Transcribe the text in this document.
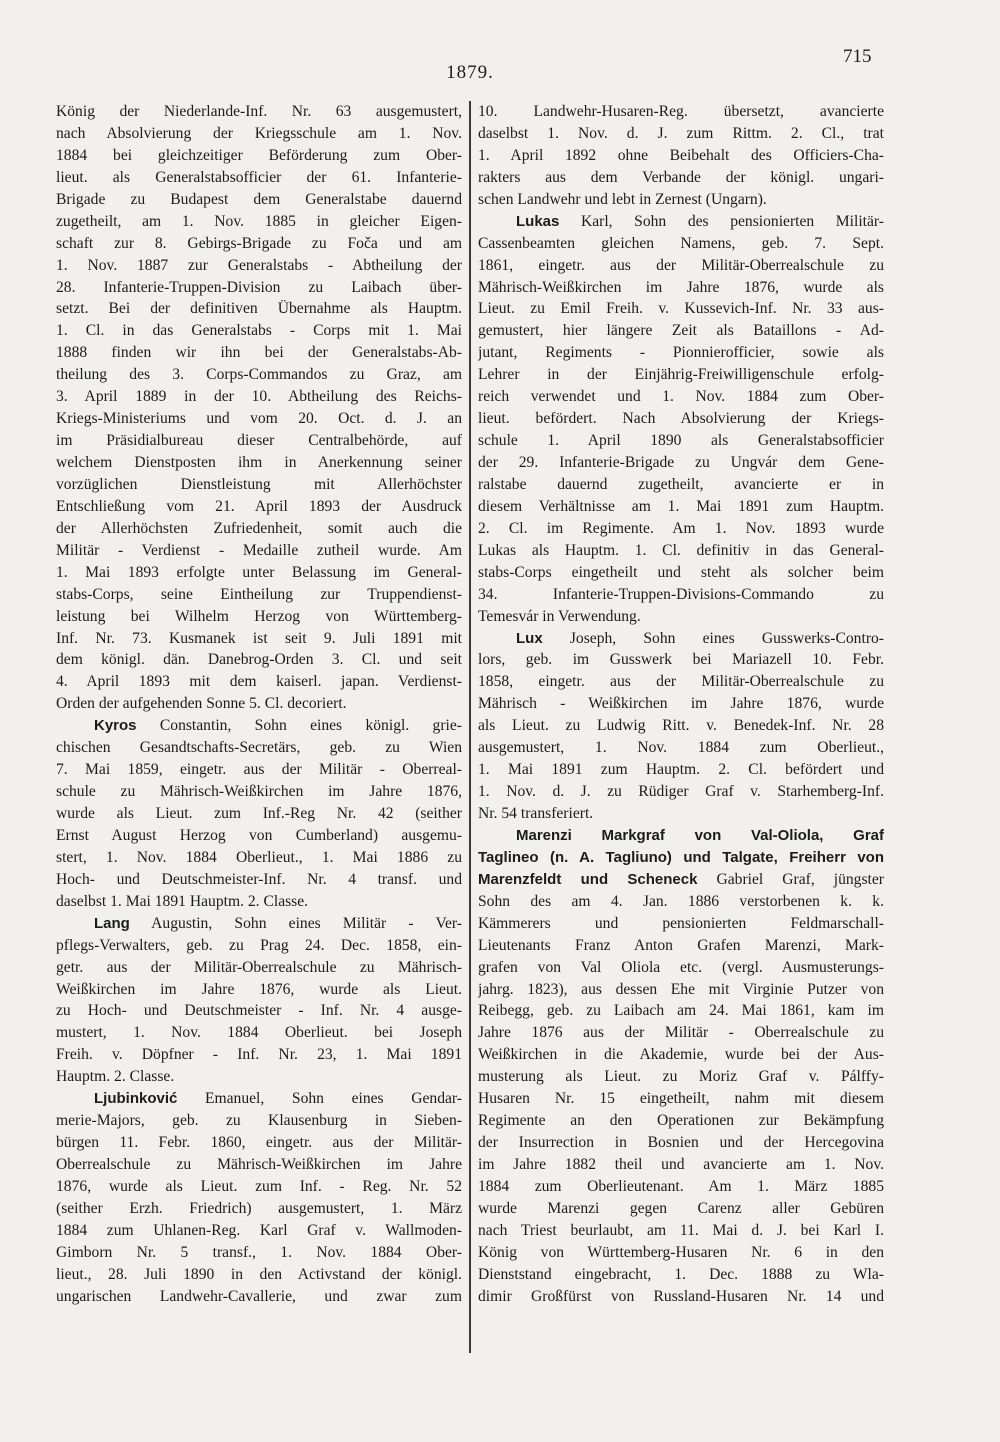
1879.
715
König der Niederlande-Inf. Nr. 63 ausgemustert,
nach Absolvierung der Kriegsschule am 1. Nov.
1884 bei gleichzeitiger Beförderung zum Ober-
lieut. als Generalstabsofficier der 61. Infanterie-
Brigade zu Budapest dem Generalstabe dauernd
zugetheilt, am 1. Nov. 1885 in gleicher Eigen-
schaft zur 8. Gebirgs-Brigade zu Foča und am
1. Nov. 1887 zur Generalstabs - Abtheilung der
28. Infanterie-Truppen-Division zu Laibach über-
setzt. Bei der definitiven Übernahme als Hauptm.
1. Cl. in das Generalstabs - Corps mit 1. Mai
1888 finden wir ihn bei der Generalstabs-Ab-
theilung des 3. Corps-Commandos zu Graz, am
3. April 1889 in der 10. Abtheilung des Reichs-
Kriegs-Ministeriums und vom 20. Oct. d. J. an
im Präsidialbureau dieser Centralbehörde, auf
welchem Dienstposten ihm in Anerkennung seiner
vorzüglichen Dienstleistung mit Allerhöchster
Entschließung vom 21. April 1893 der Ausdruck
der Allerhöchsten Zufriedenheit, somit auch die
Militär - Verdienst - Medaille zutheil wurde. Am
1. Mai 1893 erfolgte unter Belassung im General-
stabs-Corps, seine Eintheilung zur Truppendienst-
leistung bei Wilhelm Herzog von Württemberg-
Inf. Nr. 73. Kusmanek ist seit 9. Juli 1891 mit
dem königl. dän. Danebrog-Orden 3. Cl. und seit
4. April 1893 mit dem kaiserl. japan. Verdienst-
Orden der aufgehenden Sonne 5. Cl. decoriert.
Kyros Constantin, Sohn eines königl. grie-
chischen Gesandtschafts-Secretärs, geb. zu Wien
7. Mai 1859, eingetr. aus der Militär - Oberreal-
schule zu Mährisch-Weißkirchen im Jahre 1876,
wurde als Lieut. zum Inf.-Reg Nr. 42 (seither
Ernst August Herzog von Cumberland) ausgemu-
stert, 1. Nov. 1884 Oberlieut., 1. Mai 1886 zu
Hoch- und Deutschmeister-Inf. Nr. 4 transf. und
daselbst 1. Mai 1891 Hauptm. 2. Classe.
Lang Augustin, Sohn eines Militär - Ver-
pflegs-Verwalters, geb. zu Prag 24. Dec. 1858, ein-
getr. aus der Militär-Oberrealschule zu Mährisch-
Weißkirchen im Jahre 1876, wurde als Lieut.
zu Hoch- und Deutschmeister - Inf. Nr. 4 ausge-
mustert, 1. Nov. 1884 Oberlieut. bei Joseph
Freih. v. Döpfner - Inf. Nr. 23, 1. Mai 1891
Hauptm. 2. Classe.
Ljubinković Emanuel, Sohn eines Gendar-
merie-Majors, geb. zu Klausenburg in Sieben-
bürgen 11. Febr. 1860, eingetr. aus der Militär-
Oberrealschule zu Mährisch-Weißkirchen im Jahre
1876, wurde als Lieut. zum Inf. - Reg. Nr. 52
(seither Erzh. Friedrich) ausgemustert, 1. März
1884 zum Uhlanen-Reg. Karl Graf v. Wallmoden-
Gimborn Nr. 5 transf., 1. Nov. 1884 Ober-
lieut., 28. Juli 1890 in den Activstand der königl.
ungarischen Landwehr-Cavallerie, und zwar zum
10. Landwehr-Husaren-Reg. übersetzt, avancierte
daselbst 1. Nov. d. J. zum Rittm. 2. Cl., trat
1. April 1892 ohne Beibehalt des Officiers-Cha-
rakters aus dem Verbande der königl. ungari-
schen Landwehr und lebt in Zernest (Ungarn).
Lukas Karl, Sohn des pensionierten Militär-
Cassenbeamten gleichen Namens, geb. 7. Sept.
1861, eingetr. aus der Militär-Oberrealschule zu
Mährisch-Weißkirchen im Jahre 1876, wurde als
Lieut. zu Emil Freih. v. Kussevich-Inf. Nr. 33 aus-
gemustert, hier längere Zeit als Bataillons - Ad-
jutant, Regiments - Pionnierofficier, sowie als
Lehrer in der Einjährig-Freiwilligenschule erfolg-
reich verwendet und 1. Nov. 1884 zum Ober-
lieut. befördert. Nach Absolvierung der Kriegs-
schule 1. April 1890 als Generalstabsofficier
der 29. Infanterie-Brigade zu Ungvár dem Gene-
ralstabe dauernd zugetheilt, avancierte er in
diesem Verhältnisse am 1. Mai 1891 zum Hauptm.
2. Cl. im Regimente. Am 1. Nov. 1893 wurde
Lukas als Hauptm. 1. Cl. definitiv in das General-
stabs-Corps eingetheilt und steht als solcher beim
34. Infanterie-Truppen-Divisions-Commando zu
Temesvár in Verwendung.
Lux Joseph, Sohn eines Gusswerks-Contro-
lors, geb. im Gusswerk bei Mariazell 10. Febr.
1858, eingetr. aus der Militär-Oberrealschule zu
Mährisch - Weißkirchen im Jahre 1876, wurde
als Lieut. zu Ludwig Ritt. v. Benedek-Inf. Nr. 28
ausgemustert, 1. Nov. 1884 zum Oberlieut.,
1. Mai 1891 zum Hauptm. 2. Cl. befördert und
1. Nov. d. J. zu Rüdiger Graf v. Starhemberg-Inf.
Nr. 54 transferiert.
Marenzi Markgraf von Val-Oliola, Graf
Taglineo (n. A. Tagliuno) und Talgate, Freiherr von
Marenzfeldt und Scheneck Gabriel Graf, jüngster
Sohn des am 4. Jan. 1886 verstorbenen k. k.
Kämmerers und pensionierten Feldmarschall-
Lieutenants Franz Anton Grafen Marenzi, Mark-
grafen von Val Oliola etc. (vergl. Ausmusterungs-
jahrg. 1823), aus dessen Ehe mit Virginie Putzer von
Reibegg, geb. zu Laibach am 24. Mai 1861, kam im
Jahre 1876 aus der Militär - Oberrealschule zu
Weißkirchen in die Akademie, wurde bei der Aus-
musterung als Lieut. zu Moriz Graf v. Pálffy-
Husaren Nr. 15 eingetheilt, nahm mit diesem
Regimente an den Operationen zur Bekämpfung
der Insurrection in Bosnien und der Hercegovina
im Jahre 1882 theil und avancierte am 1. Nov.
1884 zum Oberlieutenant. Am 1. März 1885
wurde Marenzi gegen Carenz aller Gebüren
nach Triest beurlaubt, am 11. Mai d. J. bei Karl I.
König von Württemberg-Husaren Nr. 6 in den
Dienststand eingebracht, 1. Dec. 1888 zu Wla-
dimir Großfürst von Russland-Husaren Nr. 14 und
